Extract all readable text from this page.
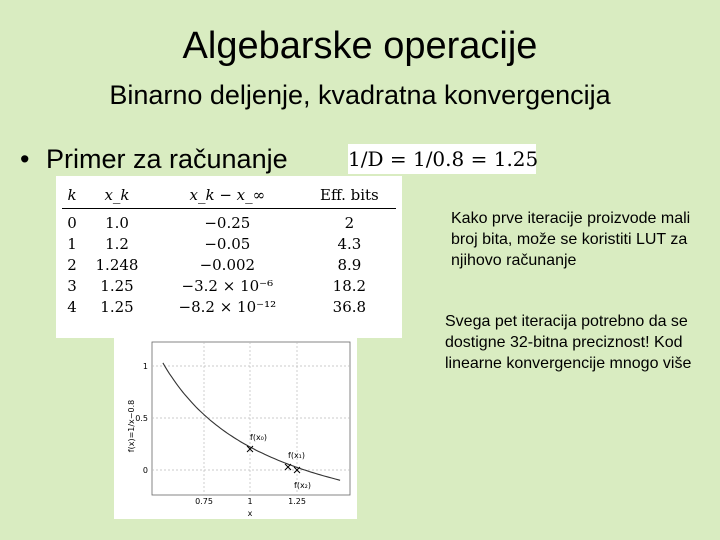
Algebarske operacije
Binarno deljenje, kvadratna konvergencija
• Primer za računanje	1/D = 1/0.8 = 1.25
k	x_k	x_k − x_∞	Eff. bits
0	1.0	−0.25	2
1	1.2	−0.05	4.3
2	1.248	−0.002	8.9
3	1.25	−3.2 × 10⁻⁶	18.2
4	1.25	−8.2 × 10⁻¹²	36.8
f(x₀)
f(x₁)
f(x₂)
1
0.5
0
0.75	1	1.25
x
f(x)=1/x−0.8
Kako prve iteracije proizvode mali broj bita, može se koristiti LUT za njihovo računanje
Svega pet iteracija potrebno da se dostigne 32-bitna preciznost! Kod linearne konvergencije mnogo više
